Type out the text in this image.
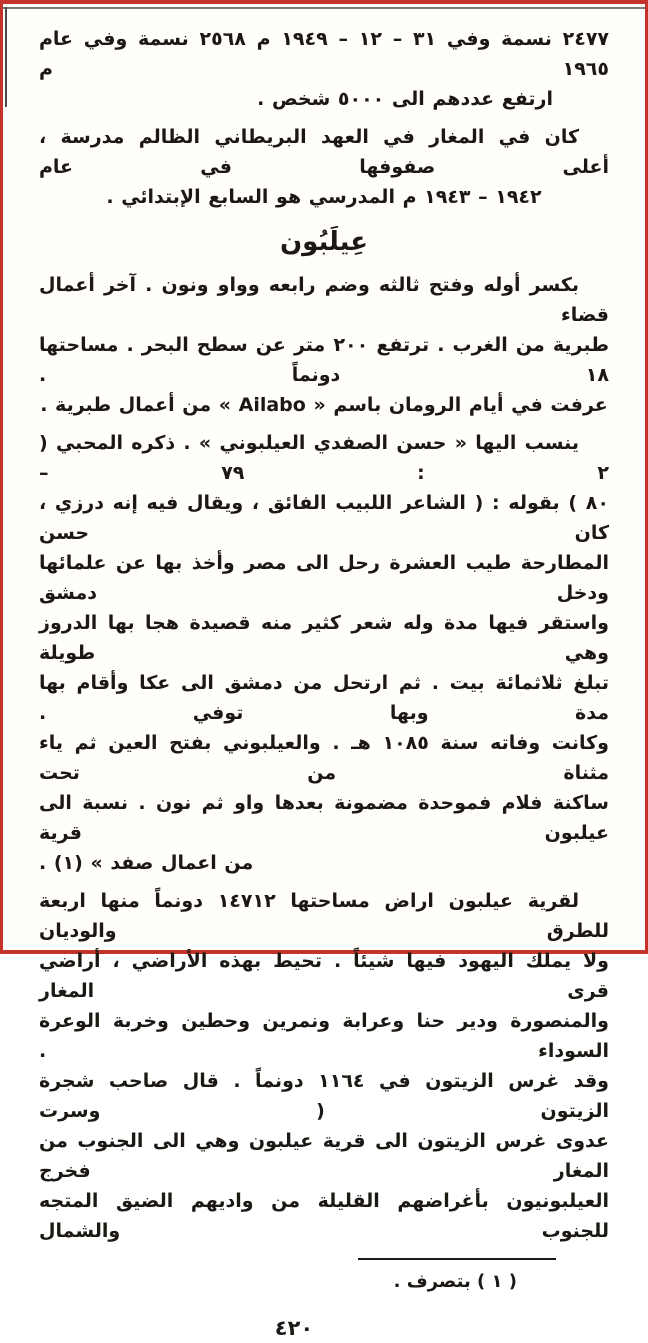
٢٤٧٧ نسمة وفي ٣١ – ١٢ – ١٩٤٩ م ٢٥٦٨ نسمة وفي عام ١٩٦٥ م
ارتفع عددهم الى ٥٠٠٠ شخص .
كان في المغار في العهد البريطاني الظالم مدرسة ، أعلى صفوفها في عام
١٩٤٢ – ١٩٤٣ م المدرسي هو السابع الإبتدائي .
عِيلَبُون
بكسر أوله وفتح ثالثه وضم رابعه وواو ونون . آخر أعمال قضاء
طبرية من الغرب . ترتفع ٢٠٠ متر عن سطح البحر . مساحتها ١٨ دونماً .
عرفت في أيام الرومان باسم « Ailabo » من أعمال طبرية .
ينسب اليها « حسن الصفدي العيلبوني » . ذكره المحبي ( ٢ : ٧٩ –
٨٠ ) بقوله : ( الشاعر اللبيب الفائق ، ويقال فيه إنه درزي ، كان حسن
المطارحة طيب العشرة رحل الى مصر وأخذ بها عن علمائها ودخل دمشق
واستقر فيها مدة وله شعر كثير منه قصيدة هجا بها الدروز وهي طويلة
تبلغ ثلاثمائة بيت . ثم ارتحل من دمشق الى عكا وأقام بها مدة وبها توفي .
وكانت وفاته سنة ١٠٨٥ هـ . والعيلبوني بفتح العين ثم ياء مثناة من تحت
ساكنة فلام فموحدة مضمونة بعدها واو ثم نون . نسبة الى عيلبون قرية
من اعمال صفد » (١) .
لقرية عيلبون اراض مساحتها ١٤٧١٢ دونماً منها اربعة للطرق والوديان
ولا يملك اليهود فيها شيئاً . تحيط بهذه الأراضي ، أراضي قرى المغار
والمنصورة ودير حنا وعرابة ونمرين وحطين وخربة الوعرة السوداء .
وقد غرس الزيتون في ١١٦٤ دونماً . قال صاحب شجرة الزيتون ( وسرت
عدوى غرس الزيتون الى قرية عيلبون وهي الى الجنوب من المغار فخرج
العيلبونيون بأغراضهم القليلة من واديهم الضيق المتجه للجنوب والشمال
( ١ ) بتصرف .
٤٢٠
